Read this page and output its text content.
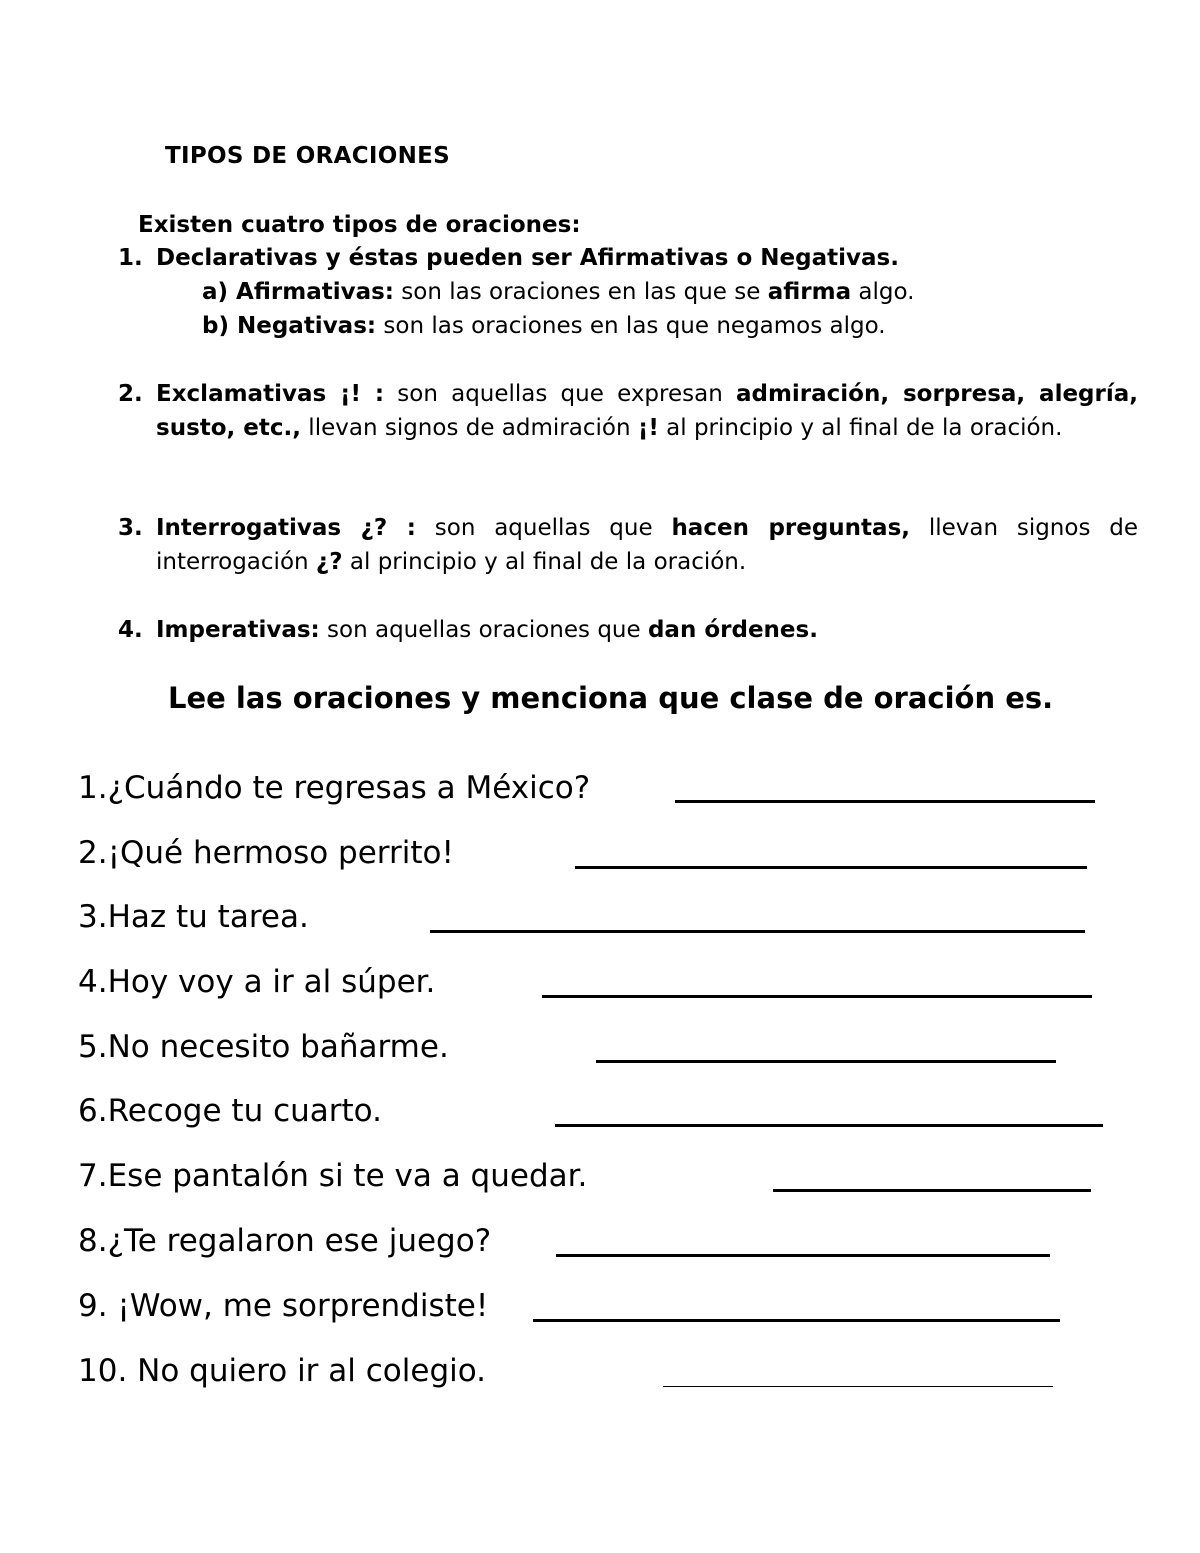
TIPOS DE ORACIONES
Existen cuatro tipos de oraciones:
1. Declarativas y éstas pueden ser Afirmativas o Negativas.
a) Afirmativas: son las oraciones en las que se afirma algo.
b) Negativas: son las oraciones en las que negamos algo.
2. Exclamativas ¡! : son aquellas que expresan admiración, sorpresa, alegría, susto, etc., llevan signos de admiración ¡! al principio y al final de la oración.
3. Interrogativas ¿? : son aquellas que hacen preguntas, llevan signos de interrogación ¿? al principio y al final de la oración.
4. Imperativas: son aquellas oraciones que dan órdenes.
Lee las oraciones y menciona que clase de oración es.
1.¿Cuándo te regresas a México?
2.¡Qué hermoso perrito!
3.Haz tu tarea.
4.Hoy voy a ir al súper.
5.No necesito bañarme.
6.Recoge tu cuarto.
7.Ese pantalón si te va a quedar.
8.¿Te regalaron ese juego?
9. ¡Wow, me sorprendiste!
10. No quiero ir al colegio.
